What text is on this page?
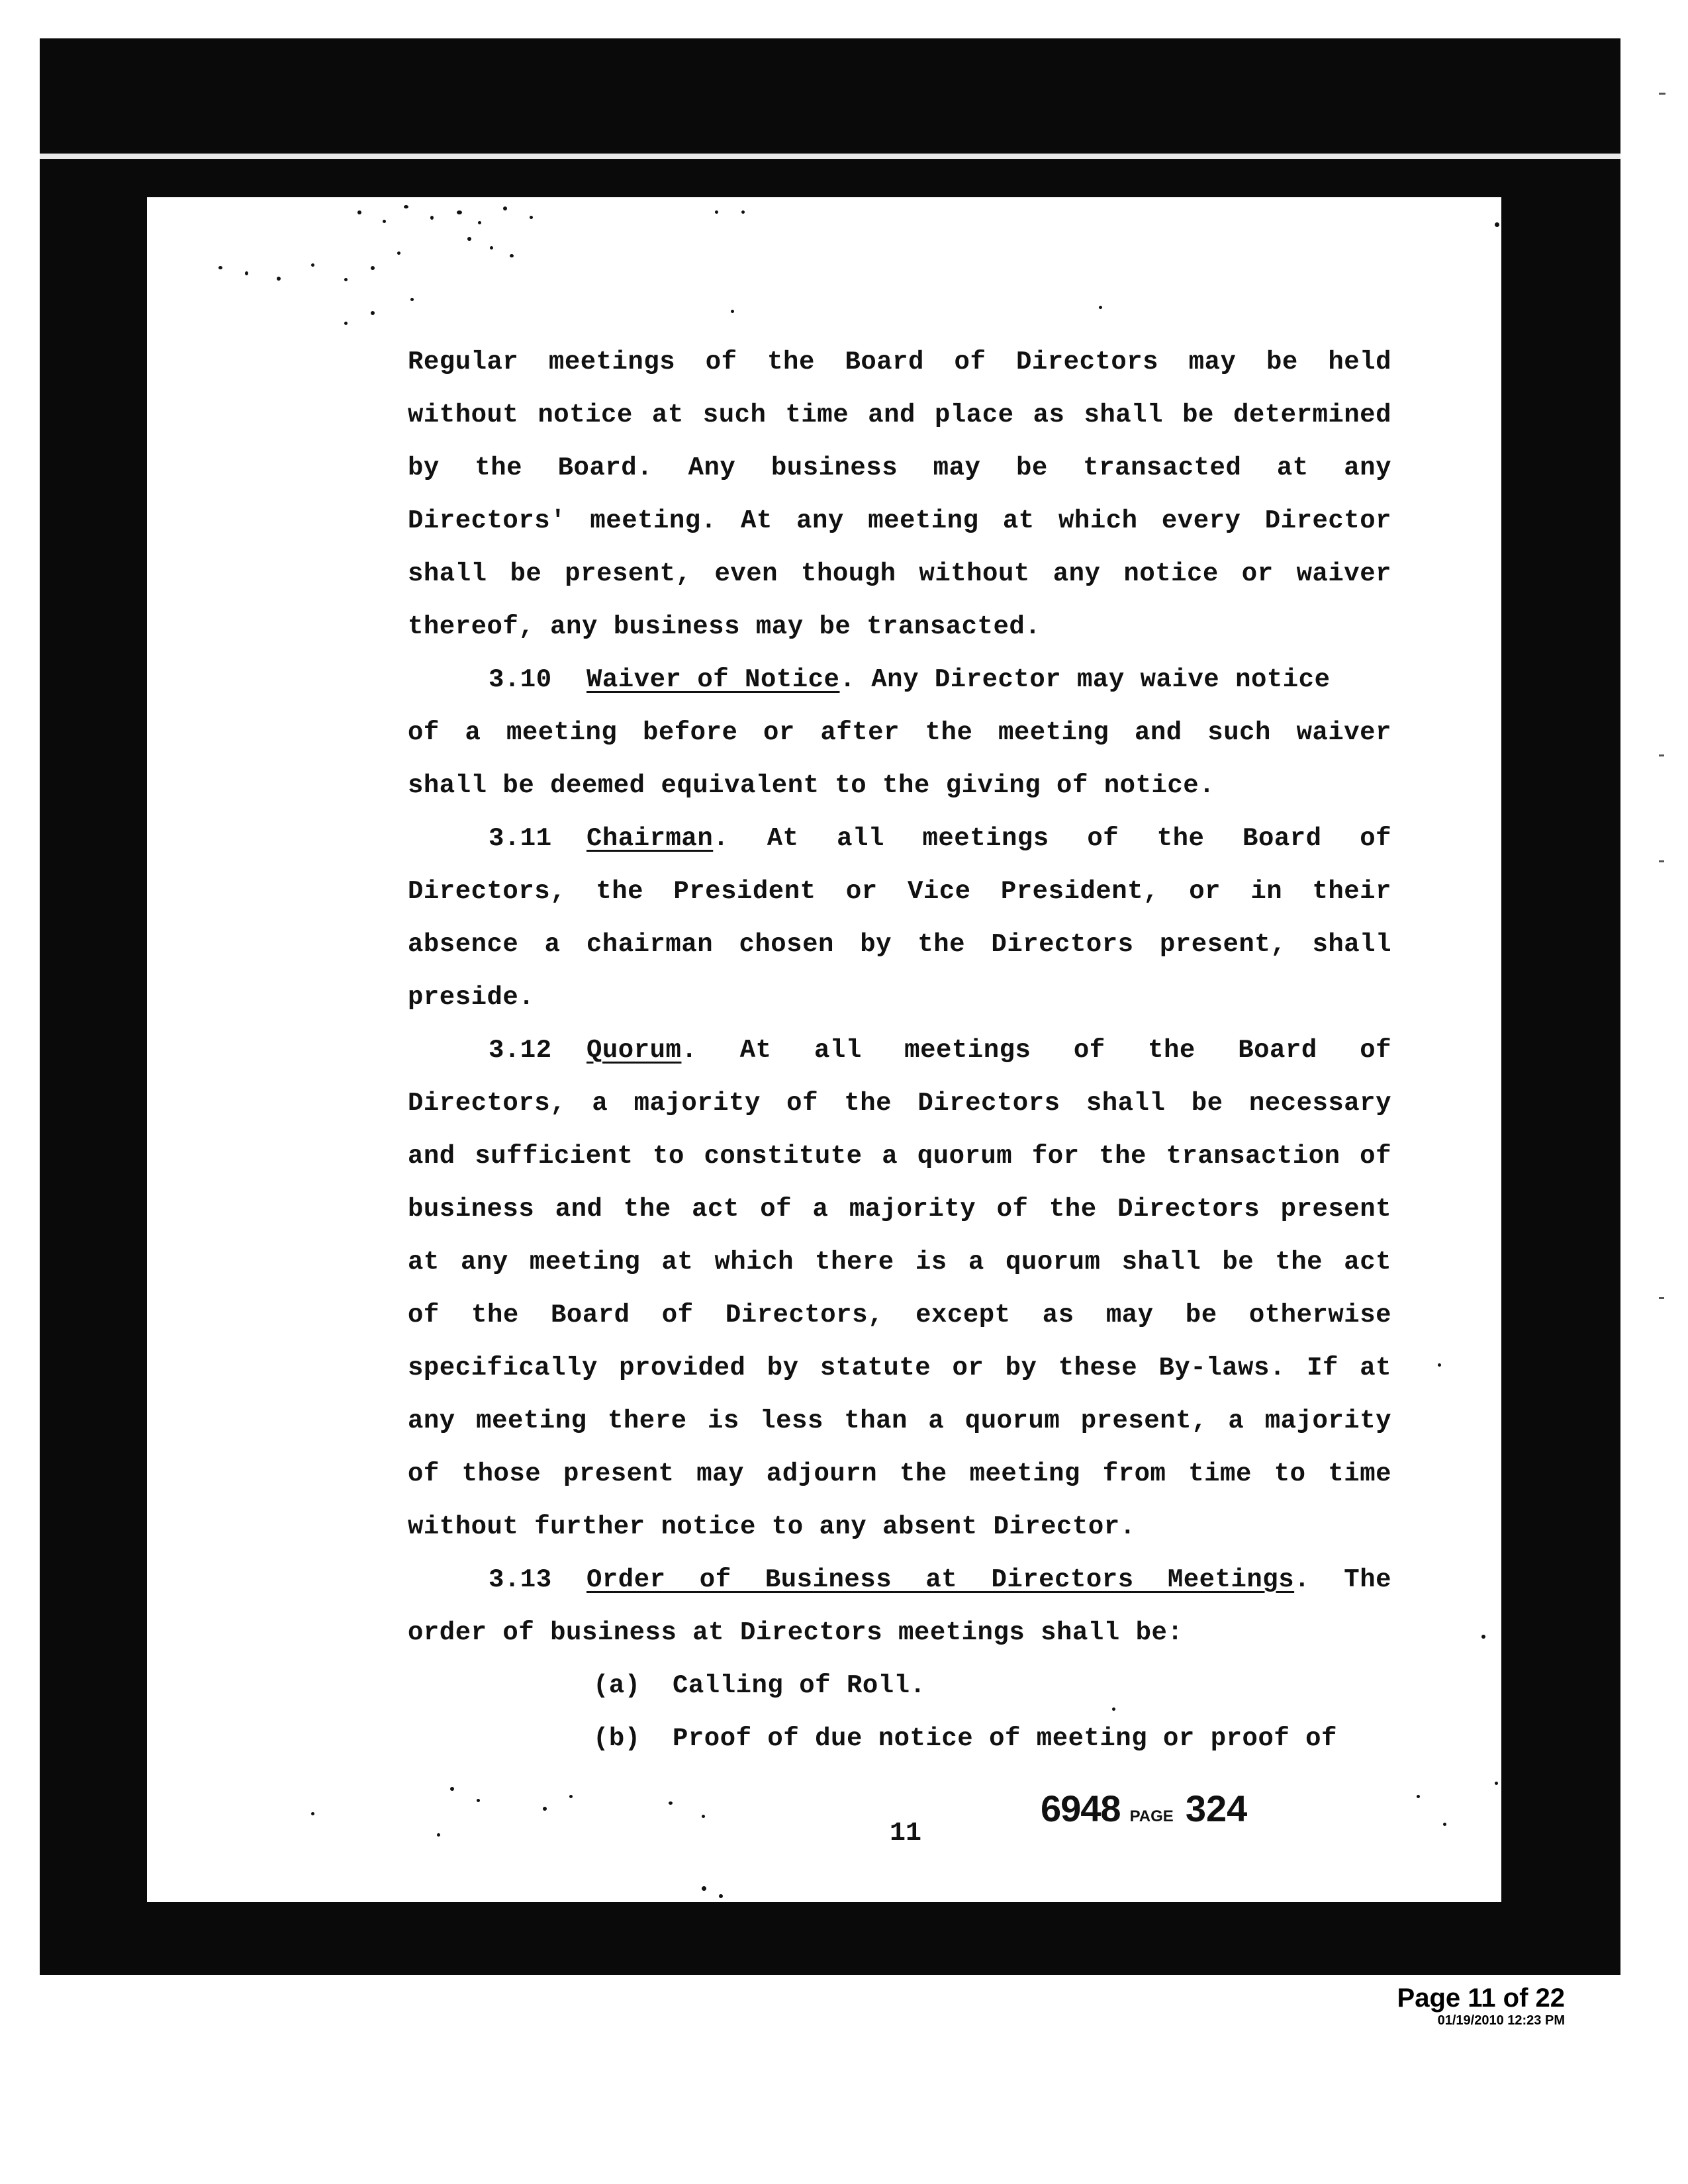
Regular meetings of the Board of Directors may be held
without notice at such time and place as shall be determined
by the Board. Any business may be transacted at any
Directors' meeting. At any meeting at which every Director
shall be present, even though without any notice or waiver
thereof, any business may be transacted.
3.10 Waiver of Notice. Any Director may waive notice
of a meeting before or after the meeting and such waiver
shall be deemed equivalent to the giving of notice.
3.11 Chairman. At all meetings of the Board of
Directors, the President or Vice President, or in their
absence a chairman chosen by the Directors present, shall
preside.
3.12 Quorum. At all meetings of the Board of
Directors, a majority of the Directors shall be necessary
and sufficient to constitute a quorum for the transaction of
business and the act of a majority of the Directors present
at any meeting at which there is a quorum shall be the act
of the Board of Directors, except as may be otherwise
specifically provided by statute or by these By-laws. If at
any meeting there is less than a quorum present, a majority
of those present may adjourn the meeting from time to time
without further notice to any absent Director.
3.13 Order of Business at Directors Meetings. The
order of business at Directors meetings shall be:
(a) Calling of Roll.
(b) Proof of due notice of meeting or proof of
6948 PAGE 324
11
Page 11 of 22
01/19/2010 12:23 PM
